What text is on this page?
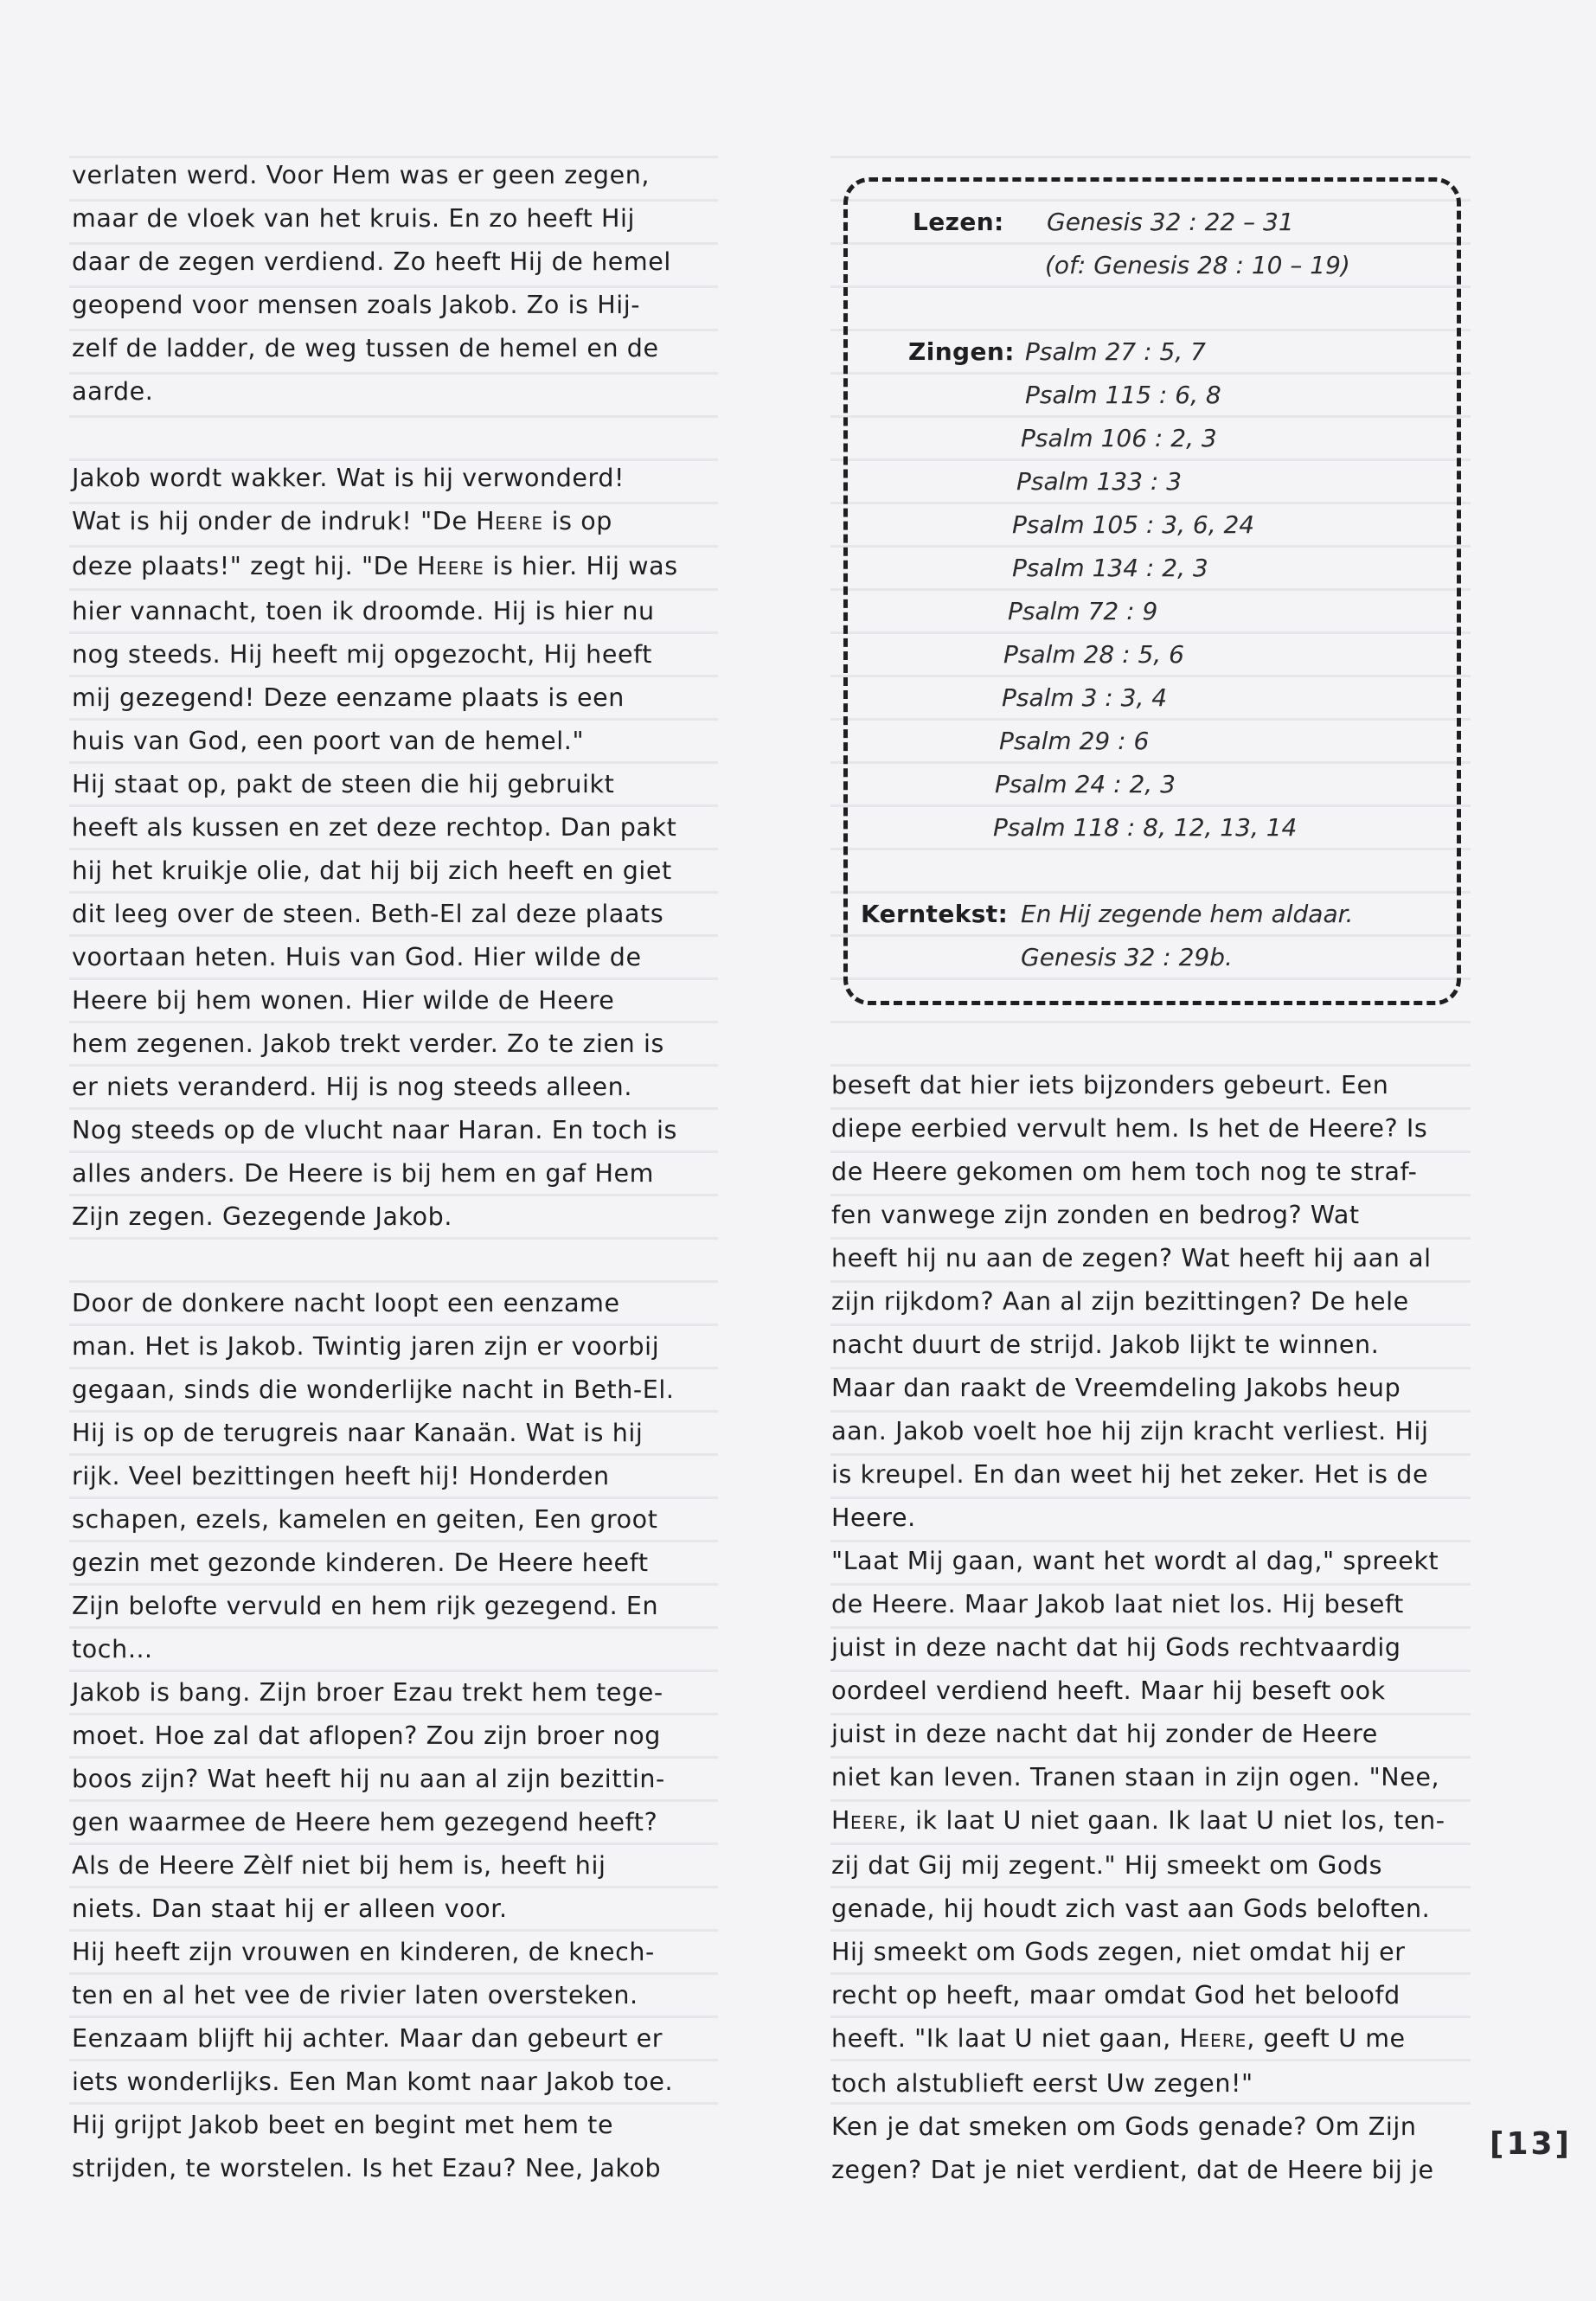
verlaten werd. Voor Hem was er geen zegen,

maar de vloek van het kruis. En zo heeft Hij

daar de zegen verdiend. Zo heeft Hij de hemel

geopend voor mensen zoals Jakob. Zo is Hij-

zelf de ladder, de weg tussen de hemel en de

aarde.

Jakob wordt wakker. Wat is hij verwonderd!

Wat is hij onder de indruk! "De HEERE is op

deze plaats!" zegt hij. "De HEERE is hier. Hij was

hier vannacht, toen ik droomde. Hij is hier nu

nog steeds. Hij heeft mij opgezocht, Hij heeft

mij gezegend! Deze eenzame plaats is een

huis van God, een poort van de hemel."

Hij staat op, pakt de steen die hij gebruikt

heeft als kussen en zet deze rechtop. Dan pakt

hij het kruikje olie, dat hij bij zich heeft en giet

dit leeg over de steen. Beth-El zal deze plaats

voortaan heten. Huis van God. Hier wilde de

Heere bij hem wonen. Hier wilde de Heere

hem zegenen. Jakob trekt verder. Zo te zien is

er niets veranderd. Hij is nog steeds alleen.

Nog steeds op de vlucht naar Haran. En toch is

alles anders. De Heere is bij hem en gaf Hem

Zijn zegen. Gezegende Jakob.

Door de donkere nacht loopt een eenzame

man. Het is Jakob. Twintig jaren zijn er voorbij

gegaan, sinds die wonderlijke nacht in Beth-El.

Hij is op de terugreis naar Kanaän. Wat is hij

rijk. Veel bezittingen heeft hij! Honderden

schapen, ezels, kamelen en geiten, Een groot

gezin met gezonde kinderen. De Heere heeft

Zijn belofte vervuld en hem rijk gezegend. En

toch…

Jakob is bang. Zijn broer Ezau trekt hem tege-

moet. Hoe zal dat aflopen? Zou zijn broer nog

boos zijn? Wat heeft hij nu aan al zijn bezittin-

gen waarmee de Heere hem gezegend heeft?

Als de Heere Zèlf niet bij hem is, heeft hij

niets. Dan staat hij er alleen voor.

Hij heeft zijn vrouwen en kinderen, de knech-

ten en al het vee de rivier laten oversteken.

Eenzaam blijft hij achter. Maar dan gebeurt er

iets wonderlijks. Een Man komt naar Jakob toe.

Hij grijpt Jakob beet en begint met hem te

strijden, te worstelen. Is het Ezau? Nee, Jakob

beseft dat hier iets bijzonders gebeurt. Een

diepe eerbied vervult hem. Is het de Heere? Is

de Heere gekomen om hem toch nog te straf-

fen vanwege zijn zonden en bedrog? Wat

heeft hij nu aan de zegen? Wat heeft hij aan al

zijn rijkdom? Aan al zijn bezittingen? De hele

nacht duurt de strijd. Jakob lijkt te winnen.

Maar dan raakt de Vreemdeling Jakobs heup

aan. Jakob voelt hoe hij zijn kracht verliest. Hij

is kreupel. En dan weet hij het zeker. Het is de

Heere.

"Laat Mij gaan, want het wordt al dag," spreekt

de Heere. Maar Jakob laat niet los. Hij beseft

juist in deze nacht dat hij Gods rechtvaardig

oordeel verdiend heeft. Maar hij beseft ook

juist in deze nacht dat hij zonder de Heere

niet kan leven. Tranen staan in zijn ogen. "Nee,

HEERE, ik laat U niet gaan. Ik laat U niet los, ten-

zij dat Gij mij zegent." Hij smeekt om Gods

genade, hij houdt zich vast aan Gods beloften.

Hij smeekt om Gods zegen, niet omdat hij er

recht op heeft, maar omdat God het beloofd

heeft. "Ik laat U niet gaan, HEERE, geeft U me

toch alstublieft eerst Uw zegen!"

Ken je dat smeken om Gods genade? Om Zijn

zegen? Dat je niet verdient, dat de Heere bij je

Lezen: Genesis 32 : 22 – 31
(of: Genesis 28 : 10 – 19)
Zingen: Psalm 27 : 5, 7
Psalm 115 : 6, 8
Psalm 106 : 2, 3
Psalm 133 : 3
Psalm 105 : 3, 6, 24
Psalm 134 : 2, 3
Psalm 72 : 9
Psalm 28 : 5, 6
Psalm 3 : 3, 4
Psalm 29 : 6
Psalm 24 : 2, 3
Psalm 118 : 8, 12, 13, 14
Kerntekst: En Hij zegende hem aldaar.
Genesis 32 : 29b.
[13]
